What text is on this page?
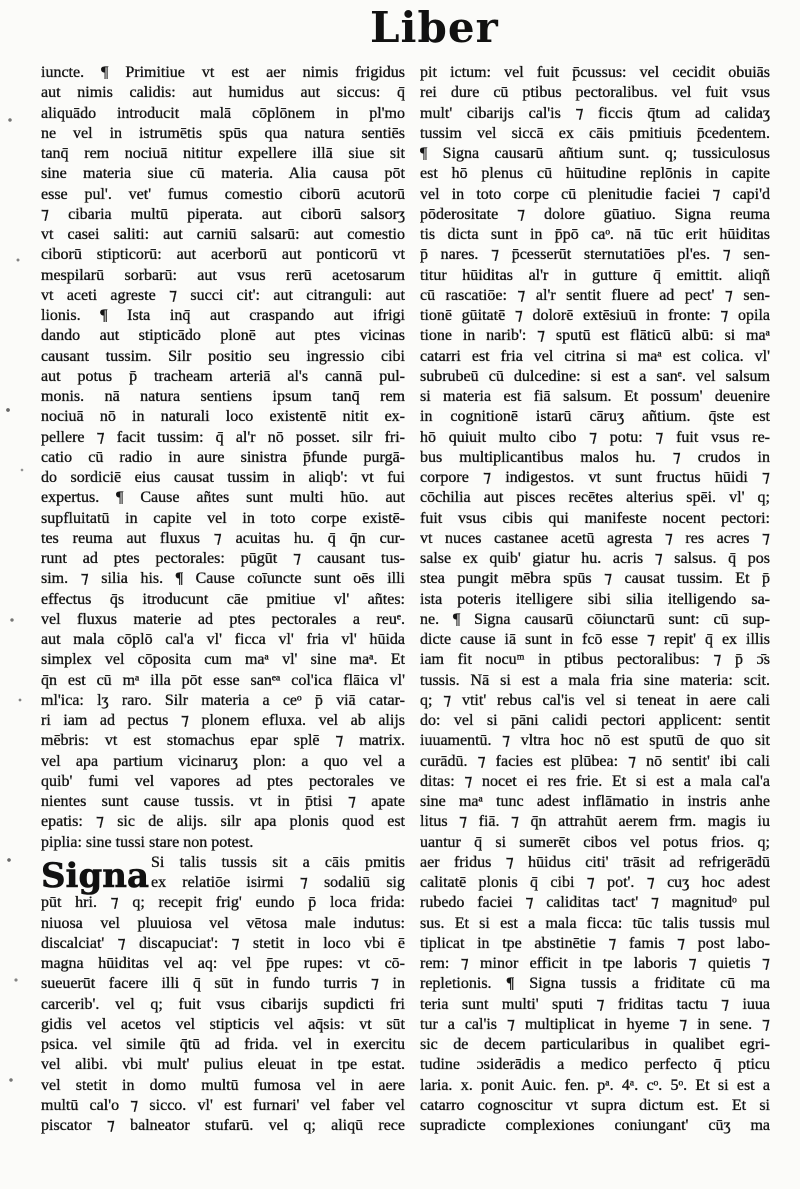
Liber
iuncte. ¶ Primitiue vt est aer nimis frigidus
aut nimis calidis: aut humidus aut siccus: q̄
aliquādo introducit malā cōplōnem in pl'mo
ne vel in istrumētis spūs qua natura sentiēs
tanq̄ rem nociuā nititur expellere illā siue sit
sine materia siue cū materia. Alia causa pōt
esse pul'. vet' fumus comestio ciborū acutorū
⁊ cibaria multū piperata. aut ciborū salsorʒ
vt casei saliti: aut carniū salsarū: aut comestio
ciborū stipticorū: aut acerborū aut ponticorū vt
mespilarū sorbarū: aut vsus rerū acetosarum
vt aceti agreste ⁊ succi cit': aut citranguli: aut
lionis. ¶ Ista inq̄ aut craspando aut ifrigi
dando aut stipticādo plonē aut ptes vicinas
causant tussim. Silr positio seu ingressio cibi
aut potus p̄ tracheam arteriā al's cannā pul-
monis. nā natura sentiens ipsum tanq̄ rem
nociuā nō in naturali loco existentē nitit ex-
pellere ⁊ facit tussim: q̄ al'r nō posset. silr fri-
catio cū radio in aure sinistra p̄funde purgā-
do sordiciē eius causat tussim in aliqb': vt fui
expertus. ¶ Cause añtes sunt multi hūo. aut
supfluitatū in capite vel in toto corpe existē-
tes reuma aut fluxus ⁊ acuitas hu. q̄ q̄n cur-
runt ad ptes pectorales: pūgūt ⁊ causant tus-
sim. ⁊ silia his. ¶ Cause coīuncte sunt oēs illi
effectus q̄s itroducunt cāe pmitiue vl' añtes:
vel fluxus materie ad ptes pectorales a reuᵉ.
aut mala cōplō cal'a vl' ficca vl' fria vl' hūida
simplex vel cōposita cum maᵃ vl' sine maᵃ. Et
q̄n est cū mᵃ illa pōt esse sanᵉᵃ col'ica flāica vl'
ml'ica: lʒ raro. Silr materia a ceᵒ p̄ viā catar-
ri iam ad pectus ⁊ plonem efluxa. vel ab alijs
mēbris: vt est stomachus epar splē ⁊ matrix.
vel apa partium vicinaruʒ plon: a quo vel a
quib' fumi vel vapores ad ptes pectorales ve
nientes sunt cause tussis. vt in p̄tisi ⁊ apate
epatis: ⁊ sic de alijs. silr apa plonis quod est
piplia: sine tussi stare non potest.
Signa Si talis tussis sit a cāis pmitis
ex relatiōe isirmi ⁊ sodaliū sig
pūt hri. ⁊ q; recepit frig' eundo p̄ loca frida:
niuosa vel pluuiosa vel vētosa male indutus:
discalciat' ⁊ discapuciat': ⁊ stetit in loco vbi ē
magna hūiditas vel aq: vel p̄pe rupes: vt cō-
sueuerūt facere illi q̄ sūt in fundo turris ⁊ in
carcerib'. vel q; fuit vsus cibarijs supdicti fri
gidis vel acetos vel stipticis vel aq̄sis: vt sūt
psica. vel simile q̄tū ad frida. vel in exercitu
vel alibi. vbi mult' pulius eleuat in tpe estat.
vel stetit in domo multū fumosa vel in aere
multū cal'o ⁊ sicco. vl' est furnari' vel faber vel
piscator ⁊ balneator stufarū. vel q; aliqū rece
pit ictum: vel fuit p̄cussus: vel cecidit obuiās
rei dure cū ptibus pectoralibus. vel fuit vsus
mult' cibarijs cal'is ⁊ ficcis q̄tum ad calidaʒ
tussim vel siccā ex cāis pmitiuis p̄cedentem.
¶ Signa causarū añtium sunt. q; tussiculosus
est hō plenus cū hūitudine replōnis in capite
vel in toto corpe cū plenitudie faciei ⁊ capi'd
pōderositate ⁊ dolore gūatiuo. Signa reuma
tis dicta sunt in p̄pō caᵒ. nā tūc erit hūiditas
p̄ nares. ⁊ p̄cesserūt sternutatiōes pl'es. ⁊ sen-
titur hūiditas al'r in gutture q̄ emittit. aliqñ
cū rascatiōe: ⁊ al'r sentit fluere ad pect' ⁊ sen-
tionē gūitatē ⁊ dolorē extēsiuū in fronte: ⁊ opila
tione in narib': ⁊ sputū est flāticū albū: si maᵃ
catarri est fria vel citrina si maᵃ est colica. vl'
subrubeū cū dulcedine: si est a sanᵉ. vel salsum
si materia est fiā salsum. Et possum' deuenire
in cognitionē istarū cāruʒ añtium. q̄ste est
hō quiuit multo cibo ⁊ potu: ⁊ fuit vsus re-
bus multiplicantibus malos hu. ⁊ crudos in
corpore ⁊ indigestos. vt sunt fructus hūidi ⁊
cōchilia aut pisces recētes alterius spēi. vl' q;
fuit vsus cibis qui manifeste nocent pectori:
vt nuces castanee acetū agresta ⁊ res acres ⁊
salse ex quib' giatur hu. acris ⁊ salsus. q̄ pos
stea pungit mēbra spūs ⁊ causat tussim. Et p̄
ista poteris itelligere sibi silia itelligendo sa-
ne. ¶ Signa causarū cōiunctarū sunt: cū sup-
dicte cause iā sunt in fcō esse ⁊ repit' q̄ ex illis
iam fit nocuᵐ in ptibus pectoralibus: ⁊ p̄ ɔ̄s
tussis. Nā si est a mala fria sine materia: scit.
q; ⁊ vtit' rebus cal'is vel si teneat in aere cali
do: vel si pāni calidi pectori applicent: sentit
iuuamentū. ⁊ vltra hoc nō est sputū de quo sit
curādū. ⁊ facies est plūbea: ⁊ nō sentit' ibi cali
ditas: ⁊ nocet ei res frie. Et si est a mala cal'a
sine maᵃ tunc adest inflāmatio in instris anhe
litus ⁊ fiā. ⁊ q̄n attrahūt aerem frm. magis iu
uantur q̄ si sumerēt cibos vel potus frios. q;
aer fridus ⁊ hūidus citi' trāsit ad refrigerādū
calitatē plonis q̄ cibi ⁊ pot'. ⁊ cuʒ hoc adest
rubedo faciei ⁊ caliditas tact' ⁊ magnitudᵒ pul
sus. Et si est a mala ficca: tūc talis tussis mul
tiplicat in tpe abstinētie ⁊ famis ⁊ post labo-
rem: ⁊ minor efficit in tpe laboris ⁊ quietis ⁊
repletionis. ¶ Signa tussis a friditate cū ma
teria sunt multi' sputi ⁊ friditas tactu ⁊ iuua
tur a cal'is ⁊ multiplicat in hyeme ⁊ in sene. ⁊
sic de decem particularibus in qualibet egri-
tudine ɔsiderādis a medico perfecto q̄ pticu
laria. x. ponit Auic. fen. pᵃ. 4ᵃ. cᵒ. 5ᵒ. Et si est a
catarro cognoscitur vt supra dictum est. Et si
supradicte complexiones coniungant' cūʒ ma
